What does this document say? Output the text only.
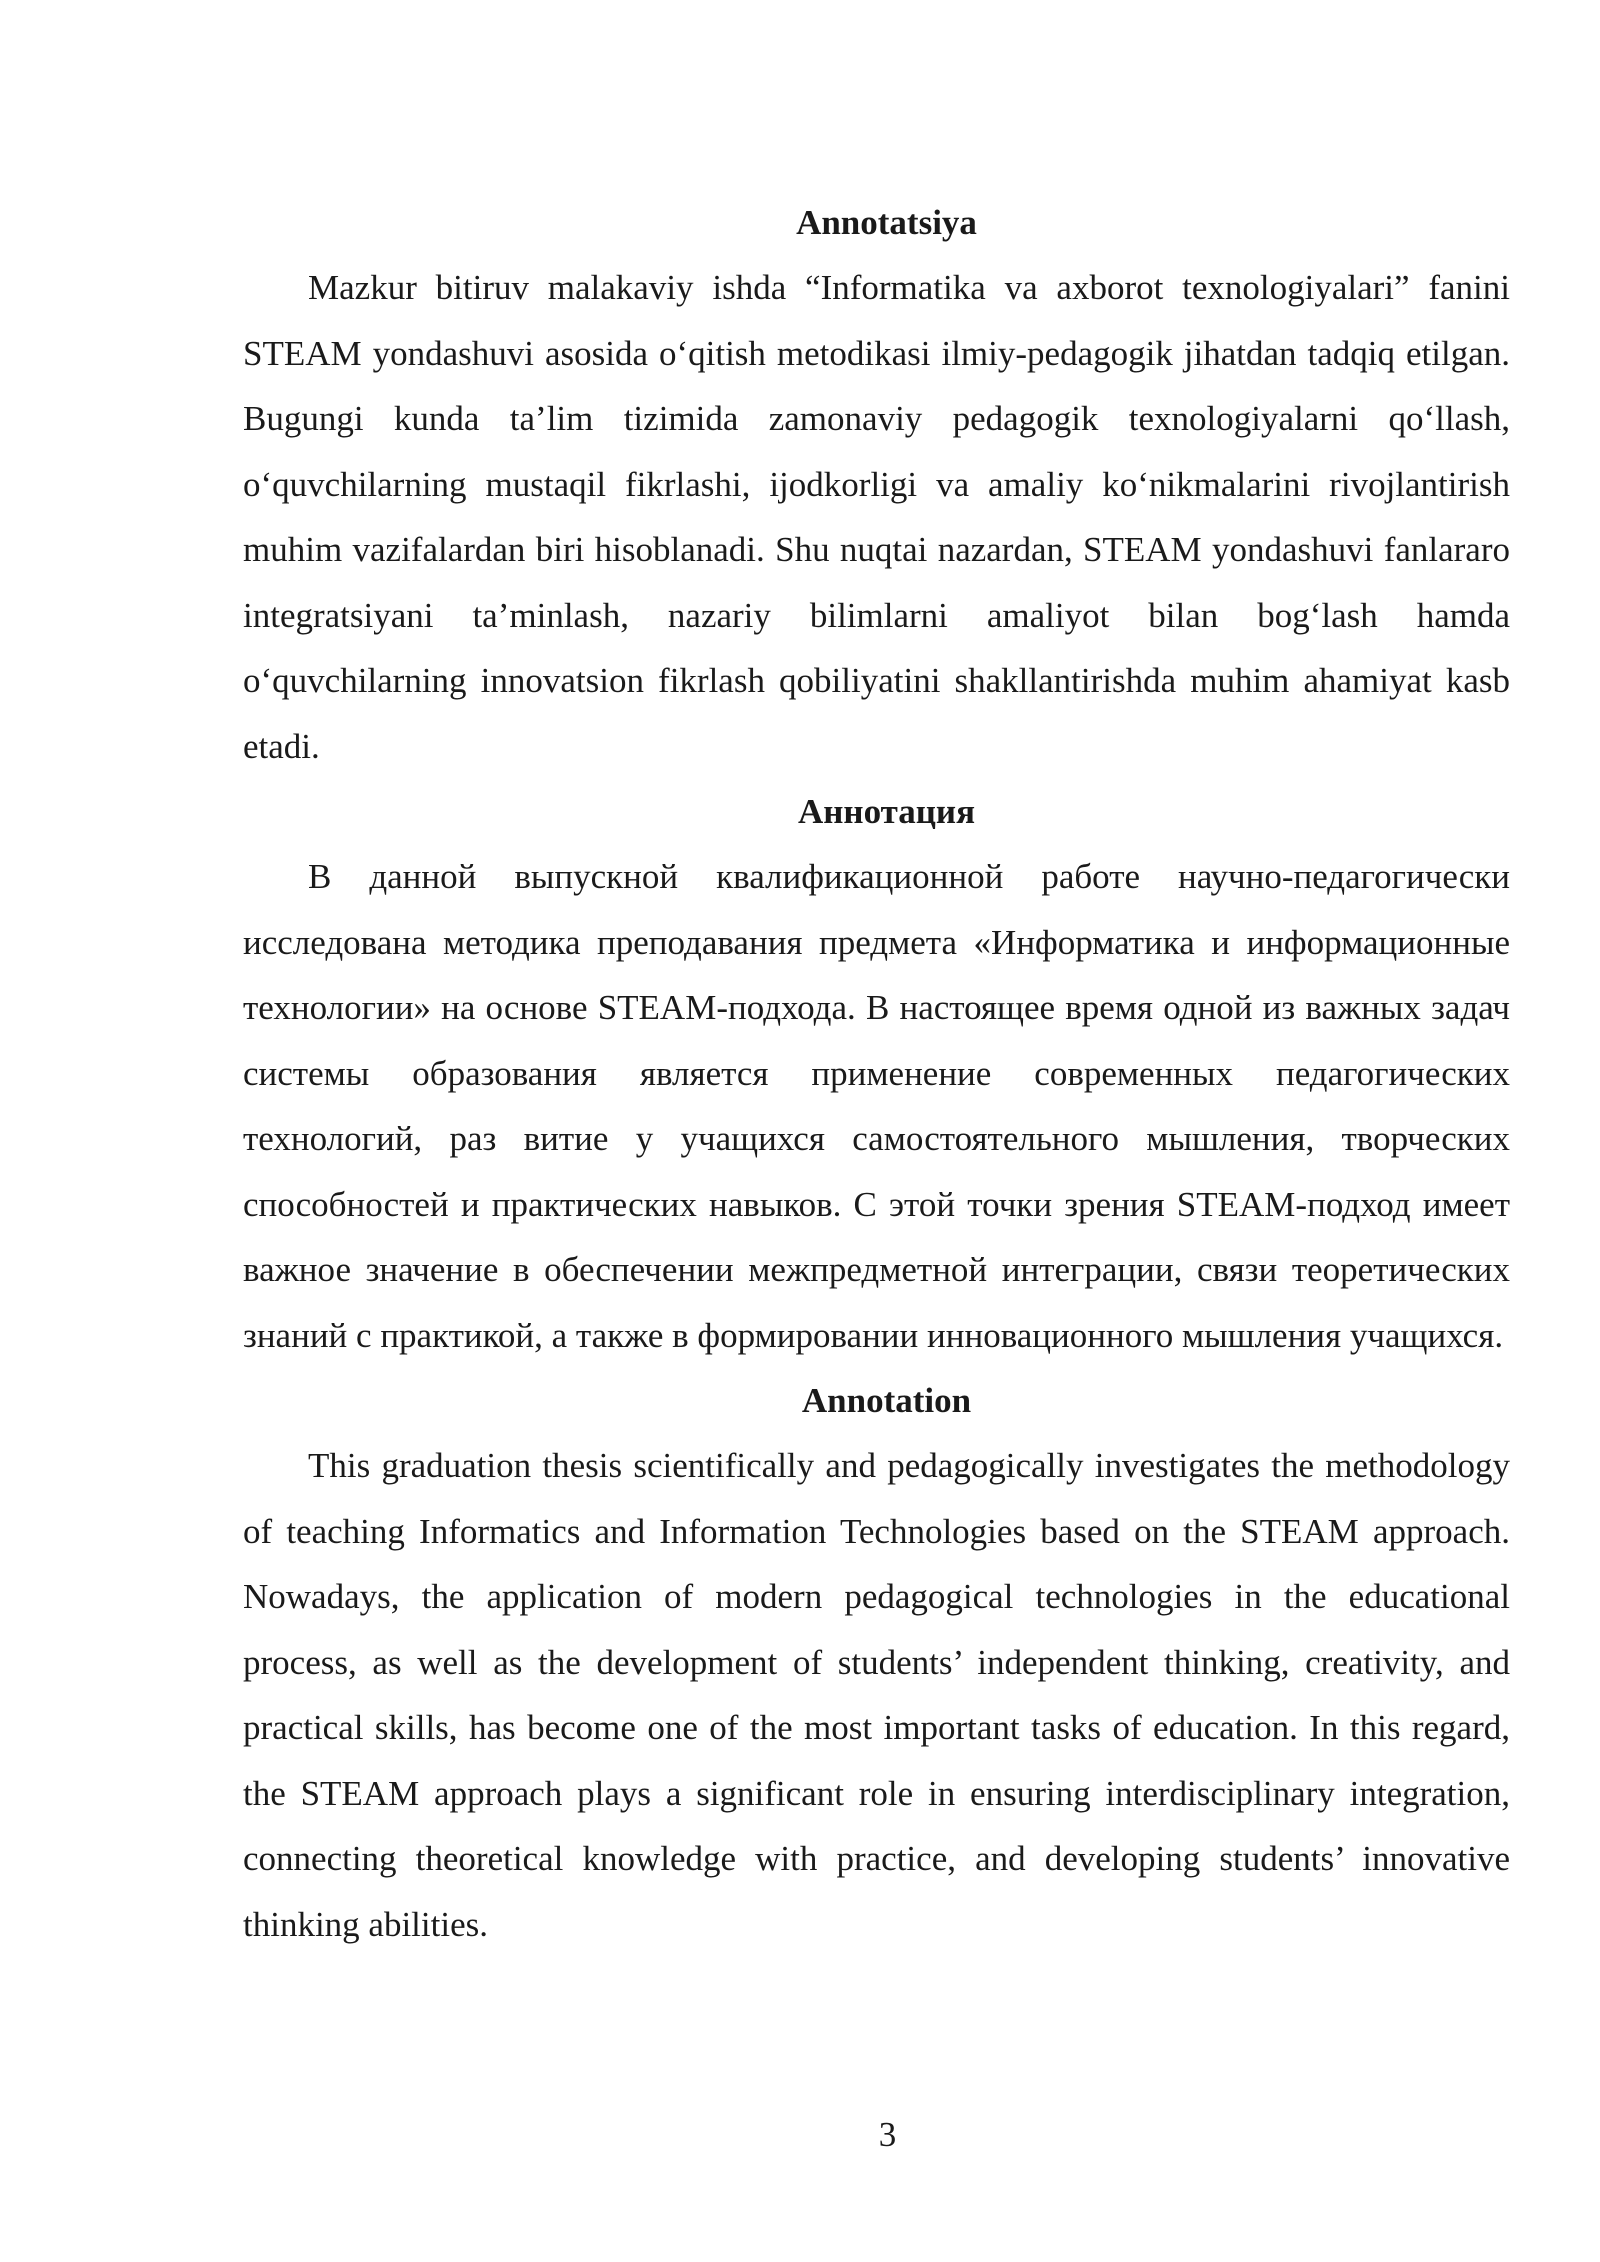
Annotatsiya

Mazkur bitiruv malakaviy ishda “Informatika va axborot texnologiyalari” fanini STEAM yondashuvi asosida o‘qitish metodikasi ilmiy-pedagogik jihatdan tadqiq etilgan. Bugungi kunda ta’lim tizimida zamonaviy pedagogik texnologiyalarni qo‘llash, o‘quvchilarning mustaqil fikrlashi, ijodkorligi va amaliy ko‘nikmalarini rivojlantirish muhim vazifalardan biri hisoblanadi. Shu nuqtai nazardan, STEAM yondashuvi fanlararo integratsiyani ta’minlash, nazariy bilimlarni amaliyot bilan bog‘lash hamda o‘quvchilarning innovatsion fikrlash qobiliyatini shakllantirishda muhim ahamiyat kasb etadi.

Аннотация

В данной выпускной квалификационной работе научно-педагогически исследована методика преподавания предмета «Информатика и информационные технологии» на основе STEAM-подхода. В настоящее время одной из важных задач системы образования является применение современных педагогических технологий, раз витие у учащихся самостоятельного мышления, творческих способностей и практических навыков. С этой точки зрения STEAM-подход имеет важное значение в обеспечении межпредметной интеграции, связи теоретических знаний с практикой, а также в формировании инновационного мышления учащихся.

Annotation

This graduation thesis scientifically and pedagogically investigates the methodology of teaching Informatics and Information Technologies based on the STEAM approach. Nowadays, the application of modern pedagogical technologies in the educational process, as well as the development of students’ independent thinking, creativity, and practical skills, has become one of the most important tasks of education. In this regard, the STEAM approach plays a significant role in ensuring interdisciplinary integration, connecting theoretical knowledge with practice, and developing students’ innovative thinking abilities.

3
